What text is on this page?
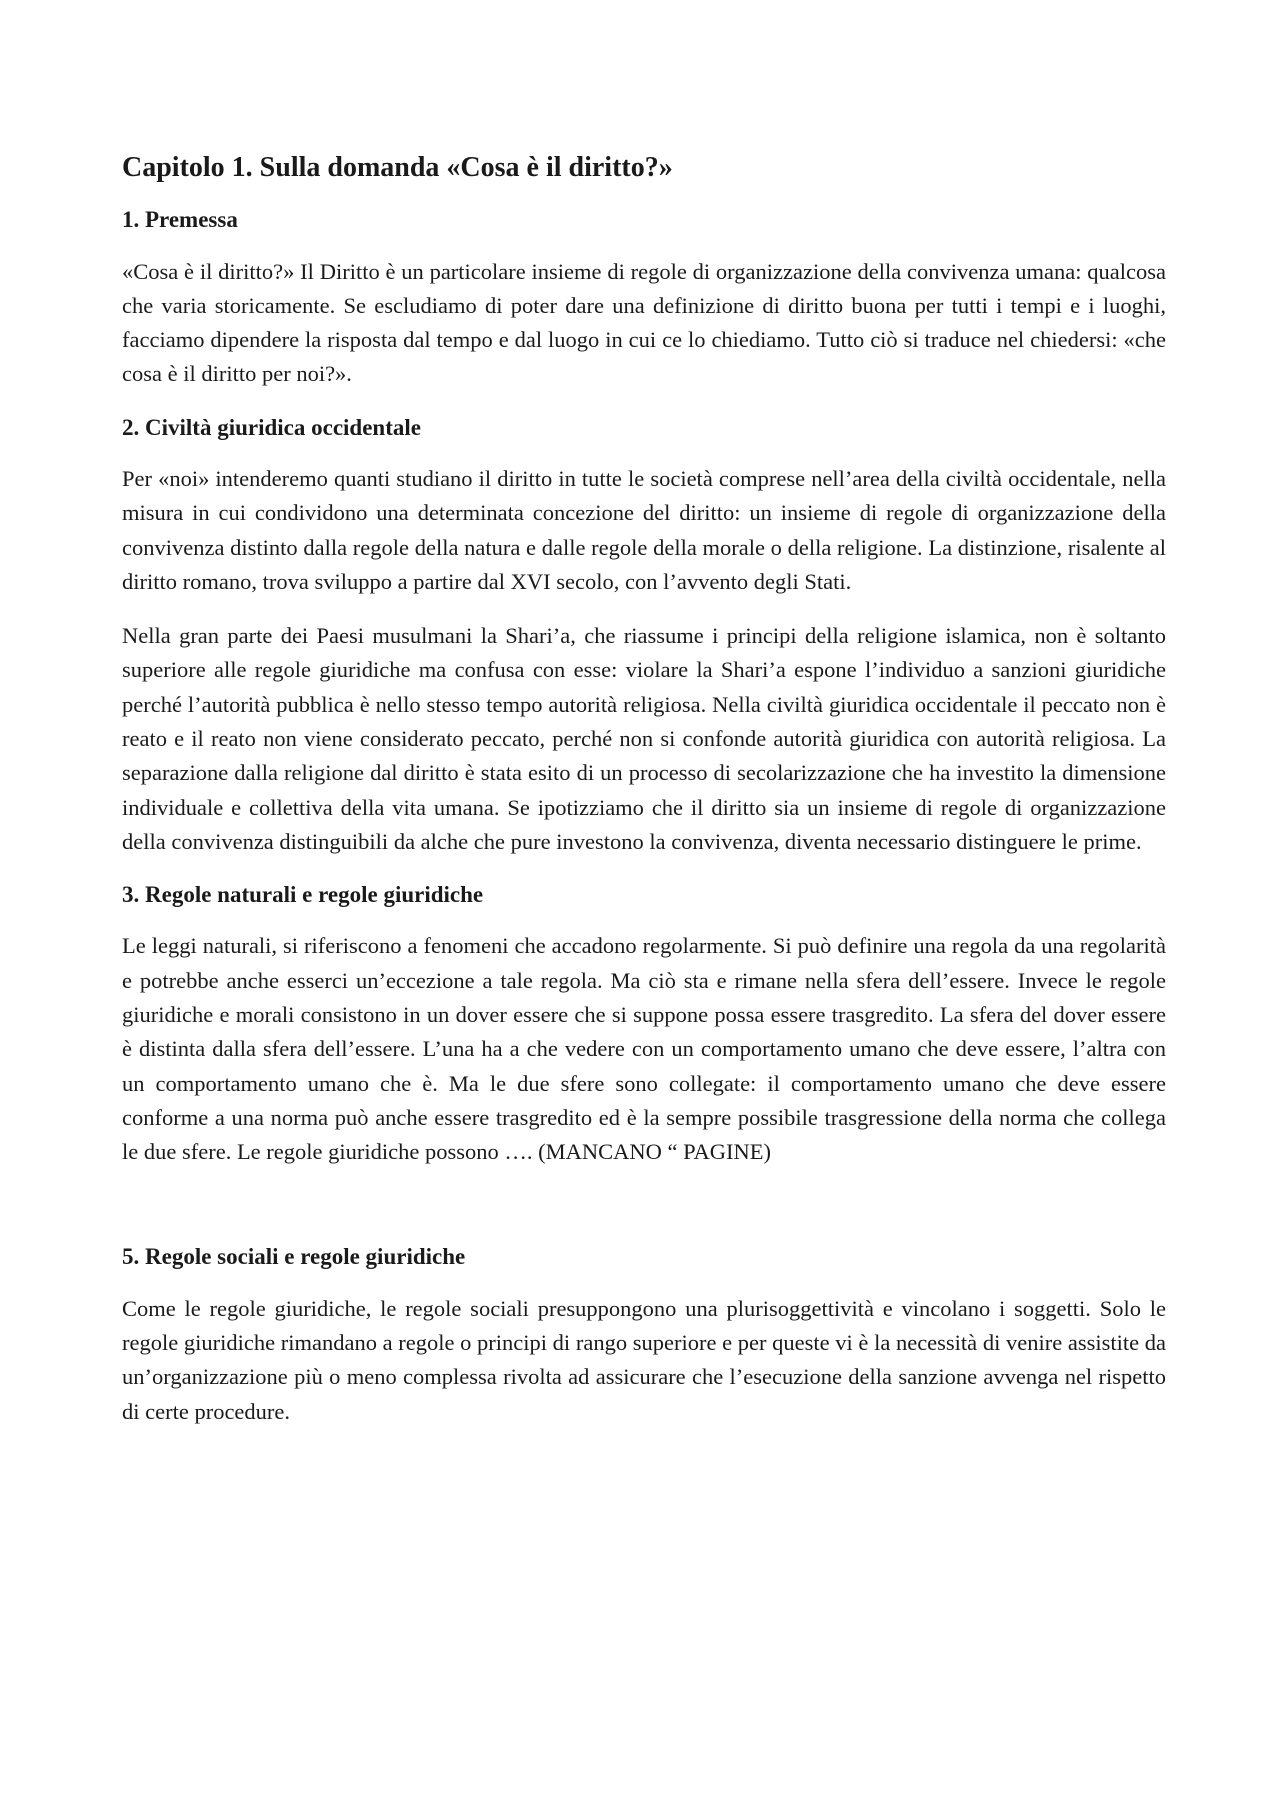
Capitolo 1. Sulla domanda «Cosa è il diritto?»
1. Premessa

«Cosa è il diritto?» Il Diritto è un particolare insieme di regole di organizzazione della convivenza umana: qualcosa che varia storicamente. Se escludiamo di poter dare una definizione di diritto buona per tutti i tempi e i luoghi, facciamo dipendere la risposta dal tempo e dal luogo in cui ce lo chiediamo. Tutto ciò si traduce nel chiedersi: «che cosa è il diritto per noi?».

2. Civiltà giuridica occidentale

Per «noi» intenderemo quanti studiano il diritto in tutte le società comprese nell’area della civiltà occidentale, nella misura in cui condividono una determinata concezione del diritto: un insieme di regole di organizzazione della convivenza distinto dalla regole della natura e dalle regole della morale o della religione. La distinzione, risalente al diritto romano, trova sviluppo a partire dal XVI secolo, con l’avvento degli Stati.

Nella gran parte dei Paesi musulmani la Shari’a, che riassume i principi della religione islamica, non è soltanto superiore alle regole giuridiche ma confusa con esse: violare la Shari’a espone l’individuo a sanzioni giuridiche perché l’autorità pubblica è nello stesso tempo autorità religiosa. Nella civiltà giuridica occidentale il peccato non è reato e il reato non viene considerato peccato, perché non si confonde autorità giuridica con autorità religiosa. La separazione dalla religione dal diritto è stata esito di un processo di secolarizzazione che ha investito la dimensione individuale e collettiva della vita umana. Se ipotizziamo che il diritto sia un insieme di regole di organizzazione della convivenza distinguibili da alche che pure investono la convivenza, diventa necessario distinguere le prime.

3. Regole naturali e regole giuridiche

Le leggi naturali, si riferiscono a fenomeni che accadono regolarmente. Si può definire una regola da una regolarità e potrebbe anche esserci un’eccezione a tale regola. Ma ciò sta e rimane nella sfera dell’essere. Invece le regole giuridiche e morali consistono in un dover essere che si suppone possa essere trasgredito. La sfera del dover essere è distinta dalla sfera dell’essere. L’una ha a che vedere con un comportamento umano che deve essere, l’altra con un comportamento umano che è. Ma le due sfere sono collegate: il comportamento umano che deve essere conforme a una norma può anche essere trasgredito ed è la sempre possibile trasgressione della norma che collega le due sfere. Le regole giuridiche possono …. (MANCANO “ PAGINE)

5. Regole sociali e regole giuridiche

Come le regole giuridiche, le regole sociali presuppongono una plurisoggettività e vincolano i soggetti. Solo le regole giuridiche rimandano a regole o principi di rango superiore e per queste vi è la necessità di venire assistite da un’organizzazione più o meno complessa rivolta ad assicurare che l’esecuzione della sanzione avvenga nel rispetto di certe procedure.
